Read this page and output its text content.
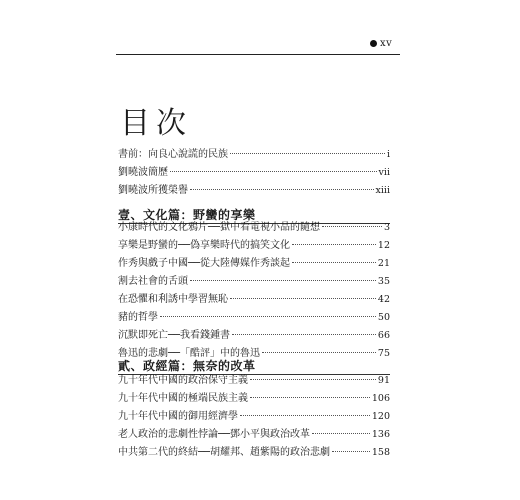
xv
目次
書前：向良心說謊的民族	i
劉曉波簡歷	vii
劉曉波所獲榮譽	xiii
壹、文化篇：野蠻的享樂
小康時代的文化鴉片──獄中看電視小品的隨想	3
享樂是野蠻的──偽享樂時代的搞笑文化	12
作秀與戲子中國──從大陸傳媒作秀談起	21
割去社會的舌頭	35
在恐懼和利誘中學習無恥	42
豬的哲學	50
沉默即死亡──我看錢鍾書	66
魯迅的悲劇──「酷評」中的魯迅	75
貳、政經篇：無奈的改革
九十年代中國的政治保守主義	91
九十年代中國的極端民族主義	106
九十年代中國的御用經濟學	120
老人政治的悲劇性悖論──鄧小平與政治改革	136
中共第二代的終結──胡耀邦、趙紫陽的政治悲劇	158
